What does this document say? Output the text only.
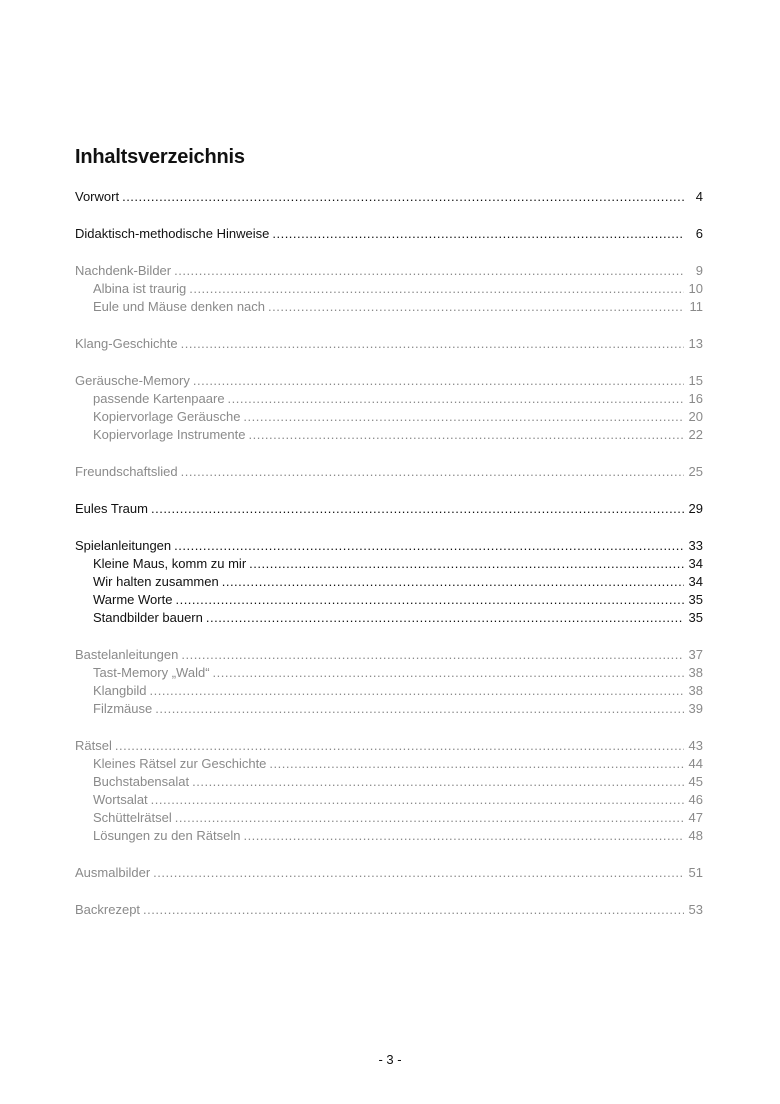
Inhaltsverzeichnis
Vorwort .....	4
Didaktisch-methodische Hinweise .....	6
Nachdenk-Bilder .....	9
Albina ist traurig .....	10
Eule und Mäuse denken nach .....	11
Klang-Geschichte .....	13
Geräusche-Memory .....	15
passende Kartenpaare .....	16
Kopiervorlage Geräusche .....	20
Kopiervorlage Instrumente .....	22
Freundschaftslied .....	25
Eules Traum .....	29
Spielanleitungen .....	33
Kleine Maus, komm zu mir .....	34
Wir halten zusammen .....	34
Warme Worte .....	35
Standbilder bauern .....	35
Bastelanleitungen .....	37
Tast-Memory „Wald“ .....	38
Klangbild .....	38
Filzmäuse .....	39
Rätsel .....	43
Kleines Rätsel zur Geschichte .....	44
Buchstabensalat .....	45
Wortsalat .....	46
Schüttelrätsel .....	47
Lösungen zu den Rätseln .....	48
Ausmalbilder .....	51
Backrezept .....	53
- 3 -
